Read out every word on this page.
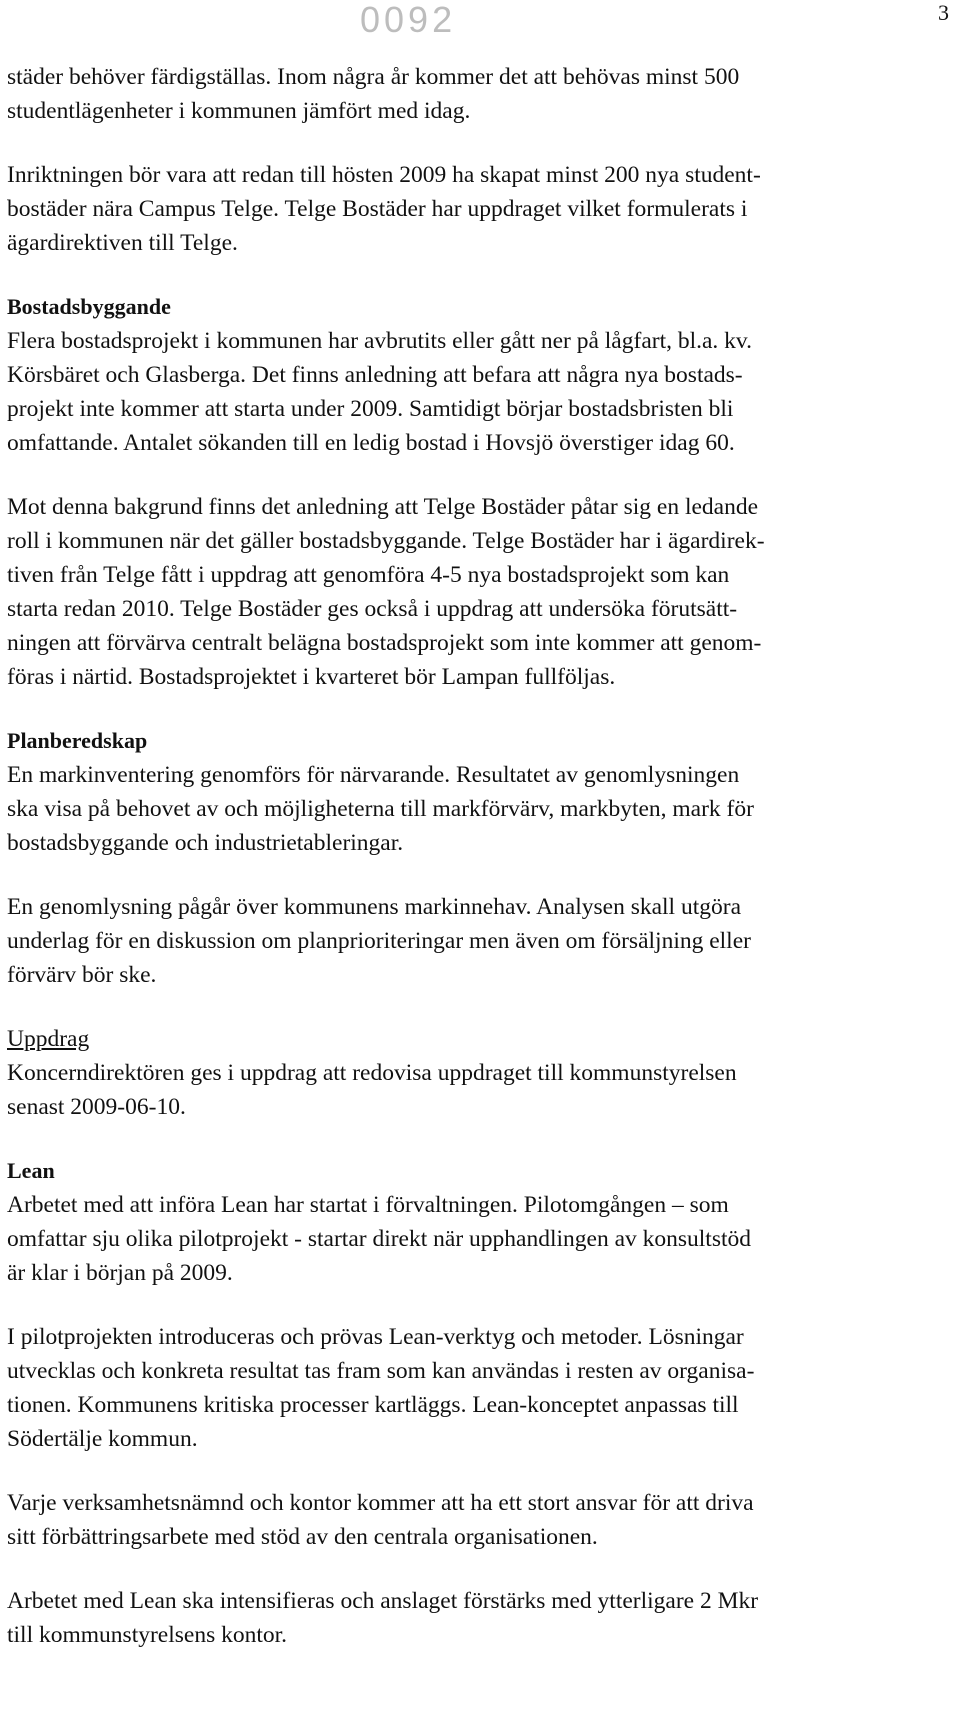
0092	3
städer behöver färdigställas. Inom några år kommer det att behövas minst 500
studentlägenheter i kommunen jämfört med idag.
Inriktningen bör vara att redan till hösten 2009 ha skapat minst 200 nya student-
bostäder nära Campus Telge. Telge Bostäder har uppdraget vilket formulerats i
ägardirektiven till Telge.
Bostadsbyggande
Flera bostadsprojekt i kommunen har avbrutits eller gått ner på lågfart, bl.a. kv.
Körsbäret och Glasberga. Det finns anledning att befara att några nya bostads-
projekt inte kommer att starta under 2009. Samtidigt börjar bostadsbristen bli
omfattande. Antalet sökanden till en ledig bostad i Hovsjö överstiger idag 60.
Mot denna bakgrund finns det anledning att Telge Bostäder påtar sig en ledande
roll i kommunen när det gäller bostadsbyggande. Telge Bostäder har i ägardirek-
tiven från Telge fått i uppdrag att genomföra 4-5 nya bostadsprojekt som kan
starta redan 2010. Telge Bostäder ges också i uppdrag att undersöka förutsätt-
ningen att förvärva centralt belägna bostadsprojekt som inte kommer att genom-
föras i närtid. Bostadsprojektet i kvarteret bör Lampan fullföljas.
Planberedskap
En markinventering genomförs för närvarande. Resultatet av genomlysningen
ska visa på behovet av och möjligheterna till markförvärv, markbyten, mark för
bostadsbyggande och industrietableringar.
En genomlysning pågår över kommunens markinnehav. Analysen skall utgöra
underlag för en diskussion om planprioriteringar men även om försäljning eller
förvärv bör ske.
Uppdrag
Koncerndirektören ges i uppdrag att redovisa uppdraget till kommunstyrelsen
senast 2009-06-10.
Lean
Arbetet med att införa Lean har startat i förvaltningen. Pilotomgången – som
omfattar sju olika pilotprojekt - startar direkt när upphandlingen av konsultstöd
är klar i början på 2009.
I pilotprojekten introduceras och prövas Lean-verktyg och metoder. Lösningar
utvecklas och konkreta resultat tas fram som kan användas i resten av organisa-
tionen. Kommunens kritiska processer kartläggs. Lean-konceptet anpassas till
Södertälje kommun.
Varje verksamhetsnämnd och kontor kommer att ha ett stort ansvar för att driva
sitt förbättringsarbete med stöd av den centrala organisationen.
Arbetet med Lean ska intensifieras och anslaget förstärks med ytterligare 2 Mkr
till kommunstyrelsens kontor.
